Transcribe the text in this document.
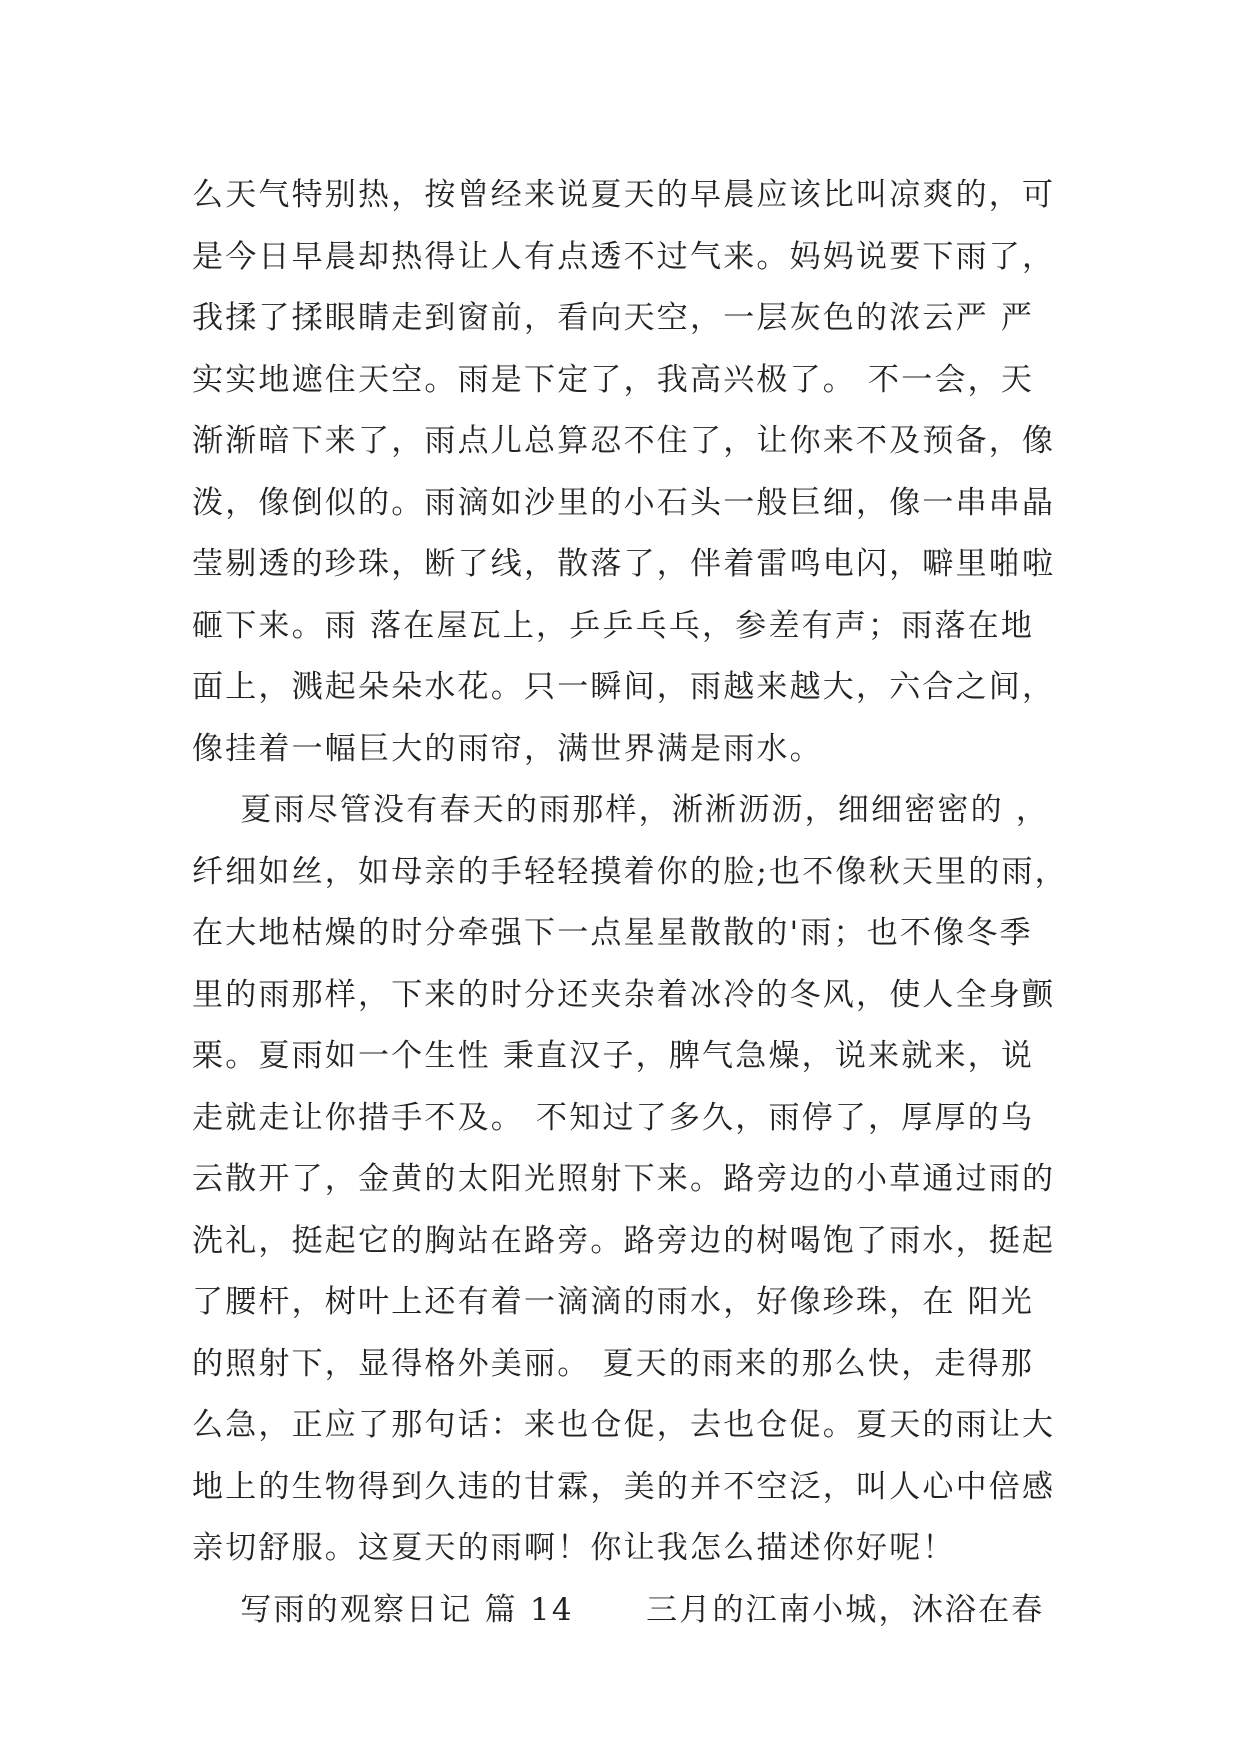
么天气特别热，按曾经来说夏天的早晨应该比叫凉爽的，可
是今日早晨却热得让人有点透不过气来。妈妈说要下雨了，
我揉了揉眼睛走到窗前，看向天空，一层灰色的浓云严 严
实实地遮住天空。雨是下定了，我高兴极了。 不一会，天
渐渐暗下来了，雨点儿总算忍不住了，让你来不及预备，像
泼，像倒似的。雨滴如沙里的小石头一般巨细，像一串串晶
莹剔透的珍珠，断了线，散落了，伴着雷鸣电闪，噼里啪啦
砸下来。雨 落在屋瓦上，乒乒乓乓，参差有声；雨落在地
面上，溅起朵朵水花。只一瞬间，雨越来越大，六合之间，
像挂着一幅巨大的雨帘，满世界满是雨水。
夏雨尽管没有春天的雨那样，淅淅沥沥，细细密密的 ，
纤细如丝，如母亲的手轻轻摸着你的脸;也不像秋天里的雨，
在大地枯燥的时分牵强下一点星星散散的'雨；也不像冬季
里的雨那样，下来的时分还夹杂着冰冷的冬风，使人全身颤
栗。夏雨如一个生性 秉直汉子，脾气急燥，说来就来，说
走就走让你措手不及。 不知过了多久，雨停了，厚厚的乌
云散开了，金黄的太阳光照射下来。路旁边的小草通过雨的
洗礼，挺起它的胸站在路旁。路旁边的树喝饱了雨水，挺起
了腰杆，树叶上还有着一滴滴的雨水，好像珍珠，在 阳光
的照射下，显得格外美丽。 夏天的雨来的那么快，走得那
么急，正应了那句话：来也仓促，去也仓促。夏天的雨让大
地上的生物得到久违的甘霖，美的并不空泛，叫人心中倍感
亲切舒服。这夏天的雨啊！你让我怎么描述你好呢！
写雨的观察日记 篇 14      三月的江南小城，沐浴在春
